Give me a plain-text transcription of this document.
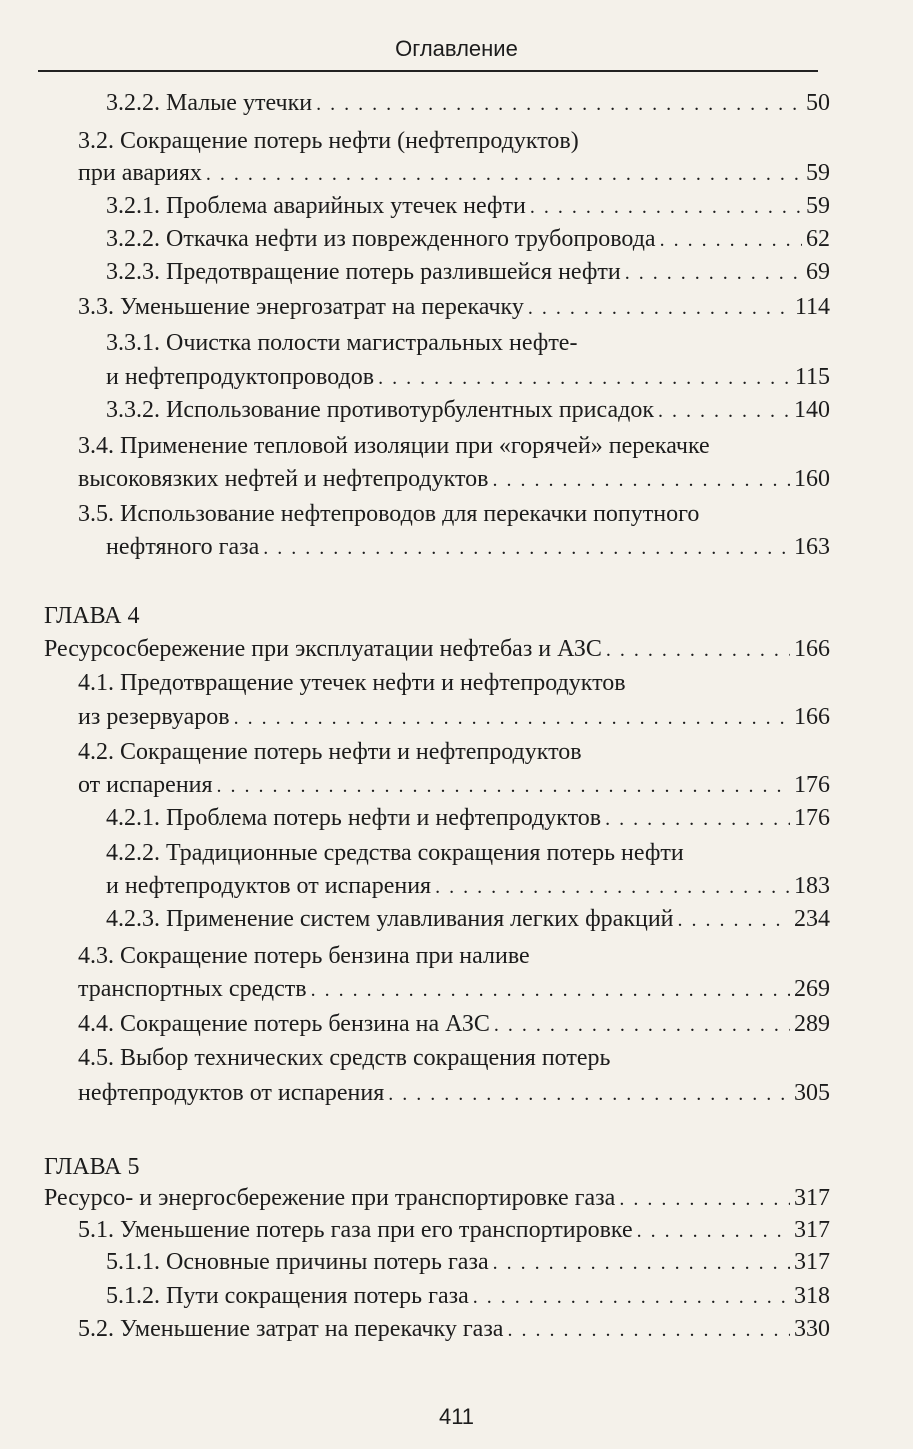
Оглавление
3.2.2. Малые утечки . . .	50
3.2. Сокращение потерь нефти (нефтепродуктов)
при авариях . . .	59
3.2.1. Проблема аварийных утечек нефти . . .	59
3.2.2. Откачка нефти из поврежденного трубопровода . . .	62
3.2.3. Предотвращение потерь разлившейся нефти . . .	69
3.3. Уменьшение энергозатрат на перекачку . . .	114
3.3.1. Очистка полости магистральных нефте-
и нефтепродуктопроводов . . .	115
3.3.2. Использование противотурбулентных присадок . . .	140
3.4. Применение тепловой изоляции при «горячей» перекачке
высоковязких нефтей и нефтепродуктов . . .	160
3.5. Использование нефтепроводов для перекачки попутного
нефтяного газа . . .	163
ГЛАВА 4
Ресурсосбережение при эксплуатации нефтебаз и АЗС . . .	166
4.1. Предотвращение утечек нефти и нефтепродуктов
из резервуаров . . .	166
4.2. Сокращение потерь нефти и нефтепродуктов
от испарения . . .	176
4.2.1. Проблема потерь нефти и нефтепродуктов . . .	176
4.2.2. Традиционные средства сокращения потерь нефти
и нефтепродуктов от испарения . . .	183
4.2.3. Применение систем улавливания легких фракций . . .	234
4.3. Сокращение потерь бензина при наливе
транспортных средств . . .	269
4.4. Сокращение потерь бензина на АЗС . . .	289
4.5. Выбор технических средств сокращения потерь
нефтепродуктов от испарения . . .	305
ГЛАВА 5
Ресурсо- и энергосбережение при транспортировке газа . . .	317
5.1. Уменьшение потерь газа при его транспортировке . . .	317
5.1.1. Основные причины потерь газа . . .	317
5.1.2. Пути сокращения потерь газа . . .	318
5.2. Уменьшение затрат на перекачку газа . . .	330
411
